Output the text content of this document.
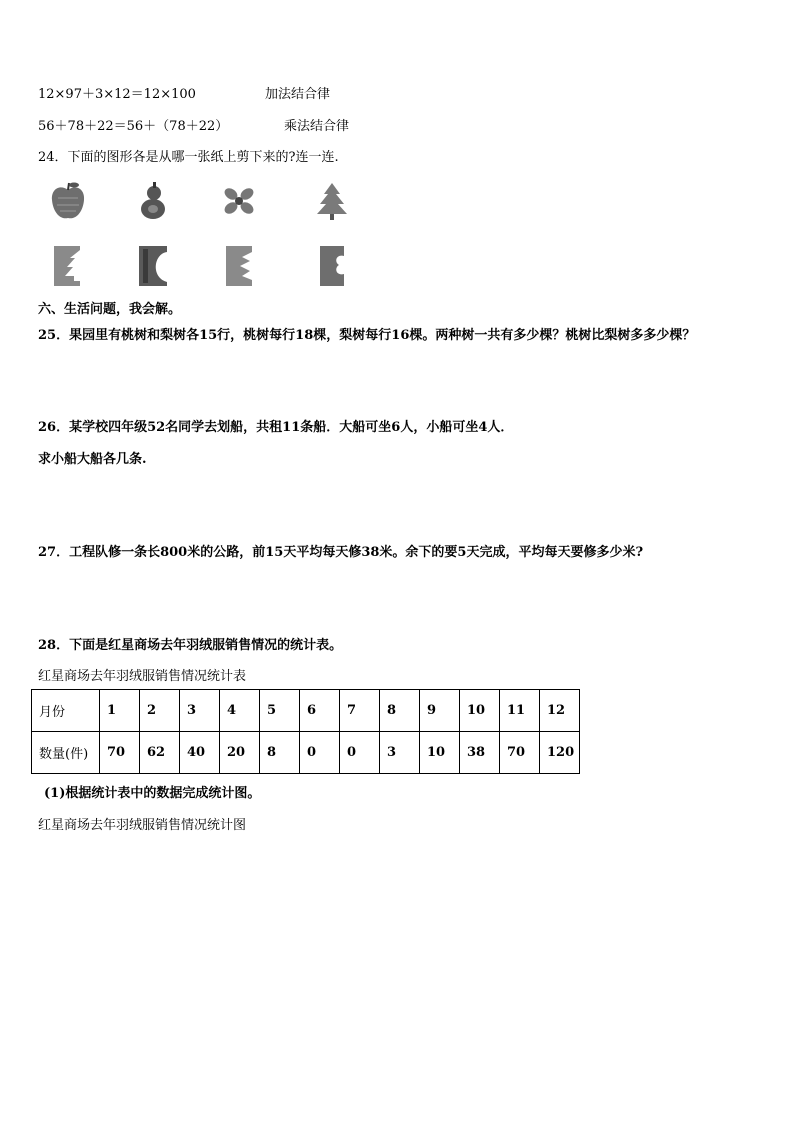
12×97＋3×12＝12×100	加法结合律
56＋78＋22＝56＋（78＋22）	乘法结合律
24．下面的图形各是从哪一张纸上剪下来的?连一连.
六、生活问题，我会解。
25．果园里有桃树和梨树各15行，桃树每行18棵，梨树每行16棵。两种树一共有多少棵？桃树比梨树多多少棵？
26．某学校四年级52名同学去划船，共租11条船．大船可坐6人，小船可坐4人．
求小船大船各几条.
27．工程队修一条长800米的公路，前15天平均每天修38米。余下的要5天完成，平均每天要修多少米?
28．下面是红星商场去年羽绒服销售情况的统计表。
红星商场去年羽绒服销售情况统计表
月份	1	2	3	4	5	6	7	8	9	10	11	12
数量(件)	70	62	40	20	8	0	0	3	10	38	70	120
(1)根据统计表中的数据完成统计图。
红星商场去年羽绒服销售情况统计图
